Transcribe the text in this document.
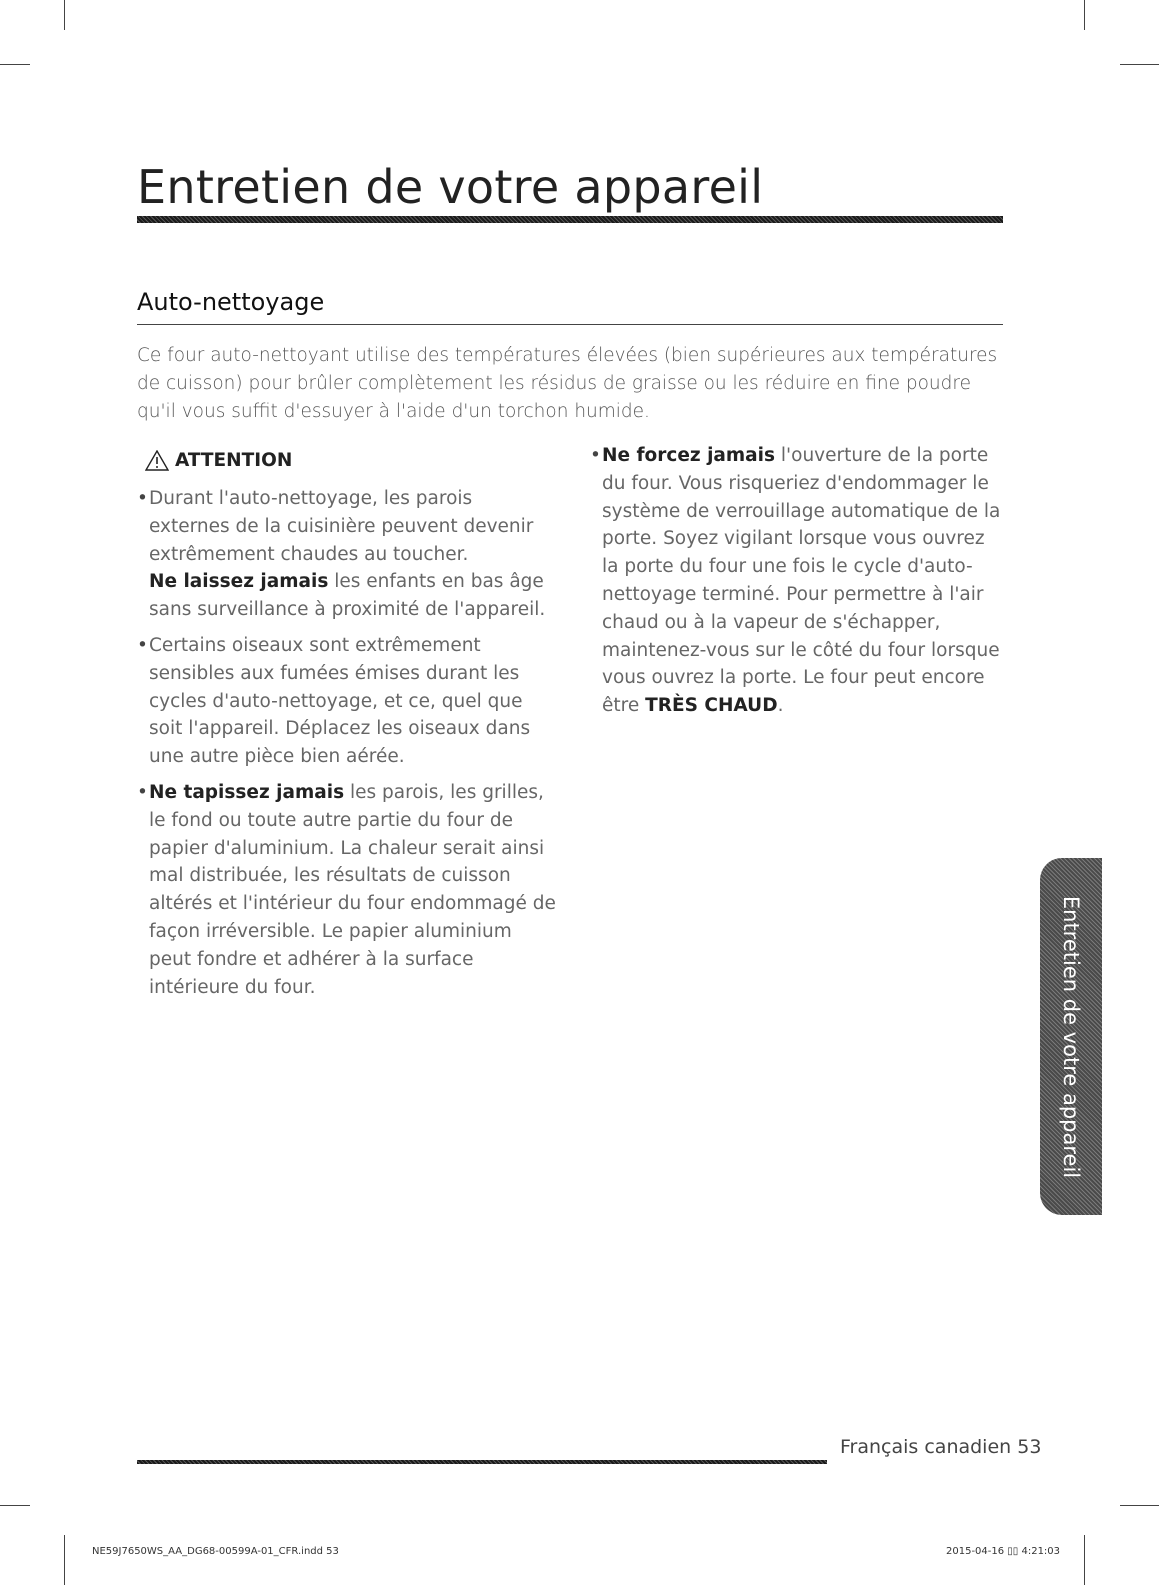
Entretien de votre appareil
Auto-nettoyage

Ce four auto-nettoyant utilise des températures élevées (bien supérieures aux températures de cuisson) pour brûler complètement les résidus de graisse ou les réduire en fine poudre qu'il vous suffit d'essuyer à l'aide d'un torchon humide.

ATTENTION
• Durant l'auto-nettoyage, les parois externes de la cuisinière peuvent devenir extrêmement chaudes au toucher.
Ne laissez jamais les enfants en bas âge sans surveillance à proximité de l'appareil.
• Certains oiseaux sont extrêmement sensibles aux fumées émises durant les cycles d'auto-nettoyage, et ce, quel que soit l'appareil. Déplacez les oiseaux dans une autre pièce bien aérée.
• Ne tapissez jamais les parois, les grilles, le fond ou toute autre partie du four de papier d'aluminium. La chaleur serait ainsi mal distribuée, les résultats de cuisson altérés et l'intérieur du four endommagé de façon irréversible. Le papier aluminium peut fondre et adhérer à la surface intérieure du four.
• Ne forcez jamais l'ouverture de la porte du four. Vous risqueriez d'endommager le système de verrouillage automatique de la porte. Soyez vigilant lorsque vous ouvrez la porte du four une fois le cycle d'auto-nettoyage terminé. Pour permettre à l'air chaud ou à la vapeur de s'échapper, maintenez-vous sur le côté du four lorsque vous ouvrez la porte. Le four peut encore être TRÈS CHAUD.
Entretien de votre appareil
Français canadien 53
NE59J7650WS_AA_DG68-00599A-01_CFR.indd 53	2015-04-16 ▯▯ 4:21:03
